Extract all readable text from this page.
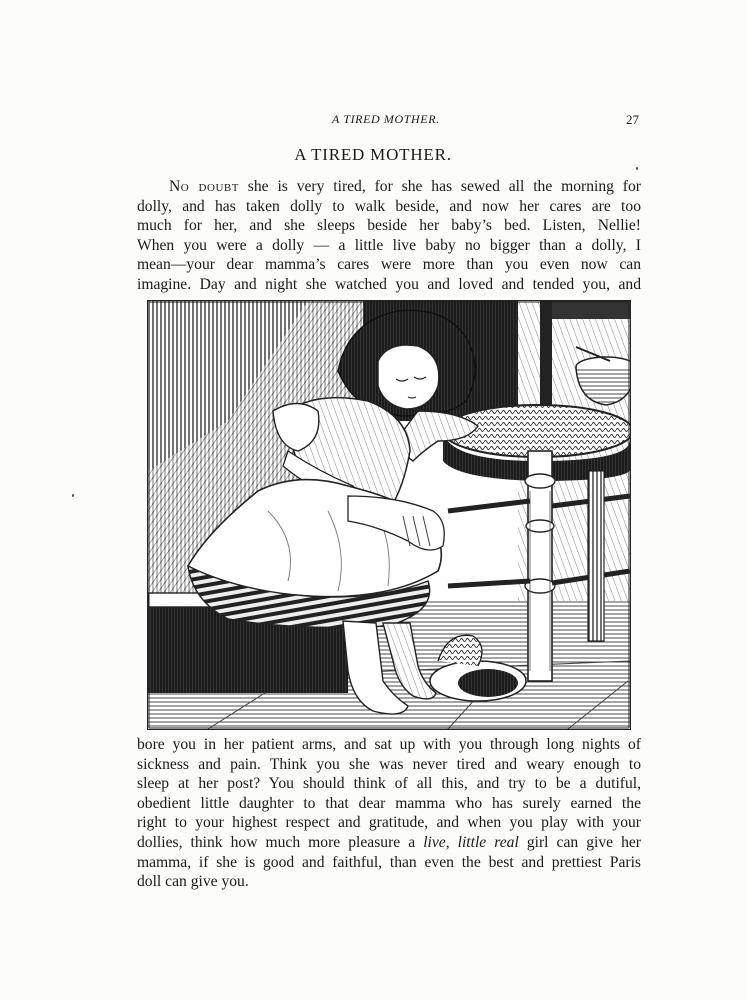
A TIRED MOTHER.	27
A TIRED MOTHER.

No doubt she is very tired, for she has sewed all the morning for
dolly, and has taken dolly to walk beside, and now her cares are too
much for her, and she sleeps beside her baby’s bed. Listen, Nellie!
When you were a dolly — a little live baby no bigger than a dolly, I
mean—your dear mamma’s cares were more than you even now can
imagine. Day and night she watched you and loved and tended you, and

bore you in her patient arms, and sat up with you through long nights of
sickness and pain. Think you she was never tired and weary enough to
sleep at her post? You should think of all this, and try to be a dutiful,
obedient little daughter to that dear mamma who has surely earned the
right to your highest respect and gratitude, and when you play with your
dollies, think how much more pleasure a live, little real girl can give her
mamma, if she is good and faithful, than even the best and prettiest Paris
doll can give you.
